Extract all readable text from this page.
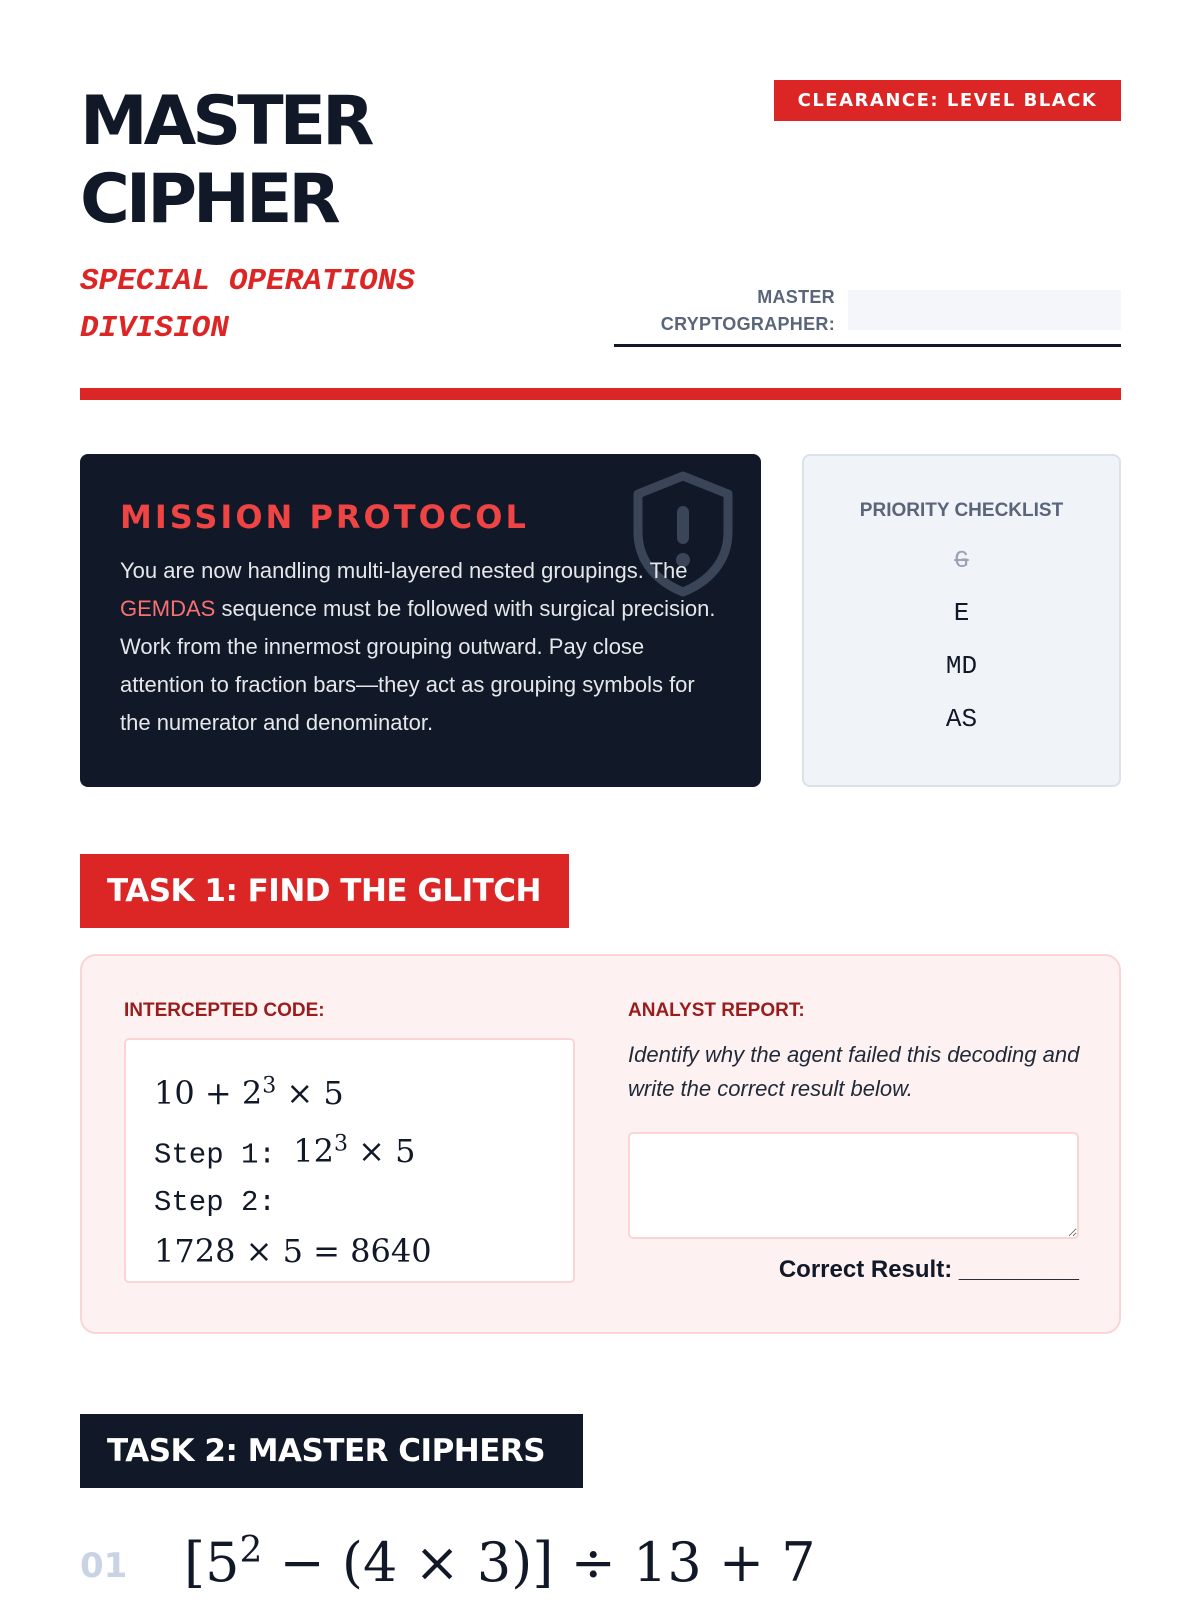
MASTER
CIPHER
SPECIAL OPERATIONS DIVISION
CLEARANCE: LEVEL BLACK
MASTER CRYPTOGRAPHER:
MISSION PROTOCOL
You are now handling multi-layered nested groupings. The GEMDAS sequence must be followed with surgical precision. Work from the innermost grouping outward. Pay close attention to fraction bars—they act as grouping symbols for the numerator and denominator.
PRIORITY CHECKLIST
G
E
MD
AS
TASK 1: FIND THE GLITCH
INTERCEPTED CODE:
$10 + 2^3 \times 5$
Step 1: $12^3 \times 5$
Step 2:
1728 × 5 = 8640
ANALYST REPORT:
Identify why the agent failed this decoding and write the correct result below.
Correct Result: _________
TASK 2: MASTER CIPHERS
01 $[5^2 - (4 \times 3)] \div 13 + 7$
